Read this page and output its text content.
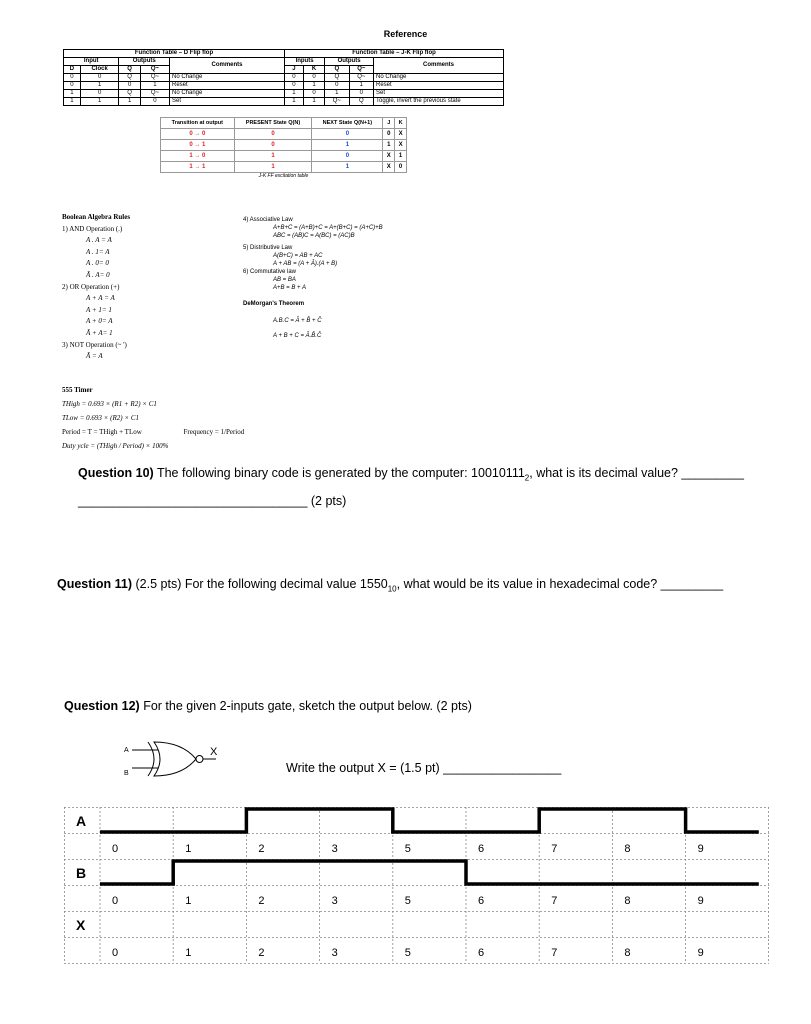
Reference
Function Table – D Flip flop				
Input		Outputs		Comments
D	Clock	Q	Q~	
0	0	Q	Q~	No Change
0	1	0	1	Reset
1	0	Q	Q~	No Change
1	1	1	0	Set
Function Table – J-K Flip flop				
Inputs		Outputs		Comments
J	K	Q	Q~	
0	0	Q	Q~	No Change
0	1	0	1	Reset
1	0	1	0	Set
1	1	Q~	Q	Toggle, invert the previous state
Transition at output	PRESENT State Q(N)	NEXT State Q(N+1)	J	K
0 → 0	0	0	0	X
0 → 1	0	1	1	X
1 → 0	1	0	X	1
1 → 1	1	1	X	0
J-K FF excitation table
Boolean Algebra Rules
1) AND Operation (.)
A . A = A
A . 1= A
A . 0= 0
Ā . A= 0
2) OR Operation (+)
A + A = A
A + 1= 1
A + 0= A
Ā + A= 1
3) NOT Operation (~ ')
Ā = A
4) Associative Law
A+B+C = (A+B)+C = A+(B+C) = (A+C)+B
ABC = (AB)C = A(BC) = (AC)B
5) Distributive Law
A(B+C) = AB + AC
A + AB = (A + Ā).(A + B)
6) Commutative law
AB = BA
A+B = B + A
DeMorgan's Theorem
A.B.C = Ā + B̄ + C̄
A + B + C = Ā.B̄.C̄
555 Timer
THigh = 0.693 × (R1 + R2) × C1
TLow = 0.693 × (R2) × C1
Period = T = THigh + TLow	Frequency = 1/Period
Duty ycle = (THigh / Period) × 100%
Question 10) The following binary code is generated by the computer: $10010111_2$, what is its decimal value? _________
_________________________________ (2 pts)
Question 11) (2.5 pts) For the following decimal value $1550_{10}$, what would be its value in hexadecimal code? _________
Question 12) For the given 2-inputs gate, sketch the output below. (2 pts)
A
B
X
Write the output X = (1.5 pt) _________________
A
0	1	2	3	5	6	7	8	9
B
0	1	2	3	5	6	7	8	9
X
0	1	2	3	5	6	7	8	9
